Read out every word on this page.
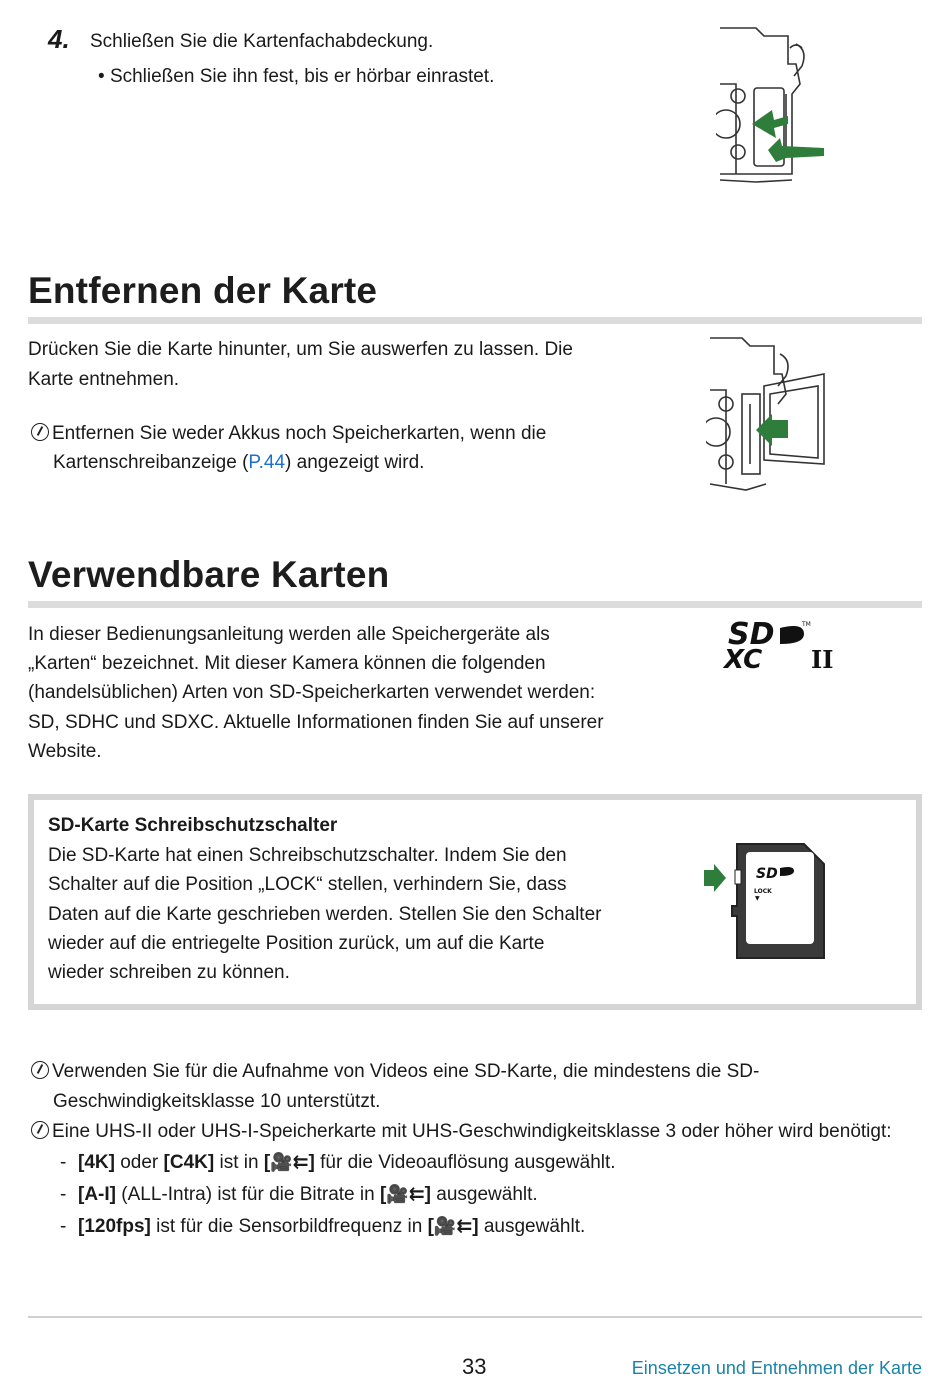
4. Schließen Sie die Kartenfachabdeckung.
• Schließen Sie ihn fest, bis er hörbar einrastet.
Entfernen der Karte
Drücken Sie die Karte hinunter, um Sie auswerfen zu lassen. Die
Karte entnehmen.
Entfernen Sie weder Akkus noch Speicherkarten, wenn die
Kartenschreibanzeige (P.44) angezeigt wird.
Verwendbare Karten
In dieser Bedienungsanleitung werden alle Speichergeräte als
„Karten“ bezeichnet. Mit dieser Kamera können die folgenden
(handelsüblichen) Arten von SD-Speicherkarten verwendet werden:
SD, SDHC und SDXC. Aktuelle Informationen finden Sie auf unserer
Website.
SD
XC II
TM
SD-Karte Schreibschutzschalter
Die SD-Karte hat einen Schreibschutzschalter. Indem Sie den
Schalter auf die Position „LOCK“ stellen, verhindern Sie, dass
Daten auf die Karte geschrieben werden. Stellen Sie den Schalter
wieder auf die entriegelte Position zurück, um auf die Karte
wieder schreiben zu können.
SD
LOCK
▼
Verwenden Sie für die Aufnahme von Videos eine SD-Karte, die mindestens die SD-
Geschwindigkeitsklasse 10 unterstützt.
Eine UHS-II oder UHS-I-Speicherkarte mit UHS-Geschwindigkeitsklasse 3 oder höher wird benötigt:
- [4K] oder [C4K] ist in [🎥⇇] für die Videoauflösung ausgewählt.
- [A-I] (ALL-Intra) ist für die Bitrate in [🎥⇇] ausgewählt.
- [120fps] ist für die Sensorbildfrequenz in [🎥⇇] ausgewählt.
33	Einsetzen und Entnehmen der Karte
